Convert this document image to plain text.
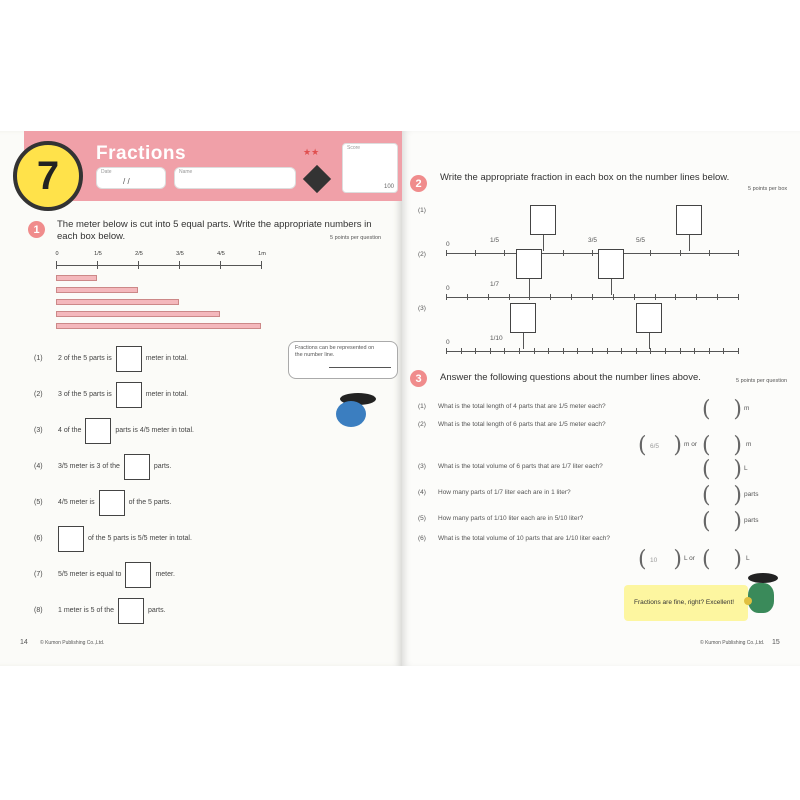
7	Fractions
Date
/ /
Name
★★	Score
100
1	The meter below is cut into 5 equal parts. Write the appropriate numbers in
each box below.	5 points per question
0	1/5	2/5	3/5	4/5	1m
Fractions can be represented on the number line.
14 © Kumon Publishing Co.,Ltd.
(1)	2 of the 5 parts is	meter in total.
(2)	3 of the 5 parts is	meter in total.
(3)	4 of the	parts is 4/5 meter in total.
(4)	3/5 meter is 3 of the	parts.
(5)	4/5 meter is	of the 5 parts.
(6)	of the 5 parts is 5/5 meter in total.
(7)	5/5 meter is equal to	meter.
(8)	1 meter is 5 of the	parts.
2	Write the appropriate fraction in each box on the number lines below.
5 points per box
3	Answer the following questions about the number lines above.	5 points per question
Fractions are fine, right? Excellent!
© Kumon Publishing Co.,Ltd. 15
(1)
0
1/5	3/5	5/5
(2)
0
1/7
(3)
0
1/10
(1) What is the total length of 4 parts that are 1/5 meter each?	( ) m
(2) What is the total length of 6 parts that are 1/5 meter each?
( )
6/5	m or ( ) m
(3) What is the total volume of 6 parts that are 1/7 liter each?	( ) L
(4) How many parts of 1/7 liter each are in 1 liter?	( ) parts
(5) How many parts of 1/10 liter each are in 5/10 liter?	( ) parts
(6) What is the total volume of 10 parts that are 1/10 liter each?
( )
10	L or ( ) L
